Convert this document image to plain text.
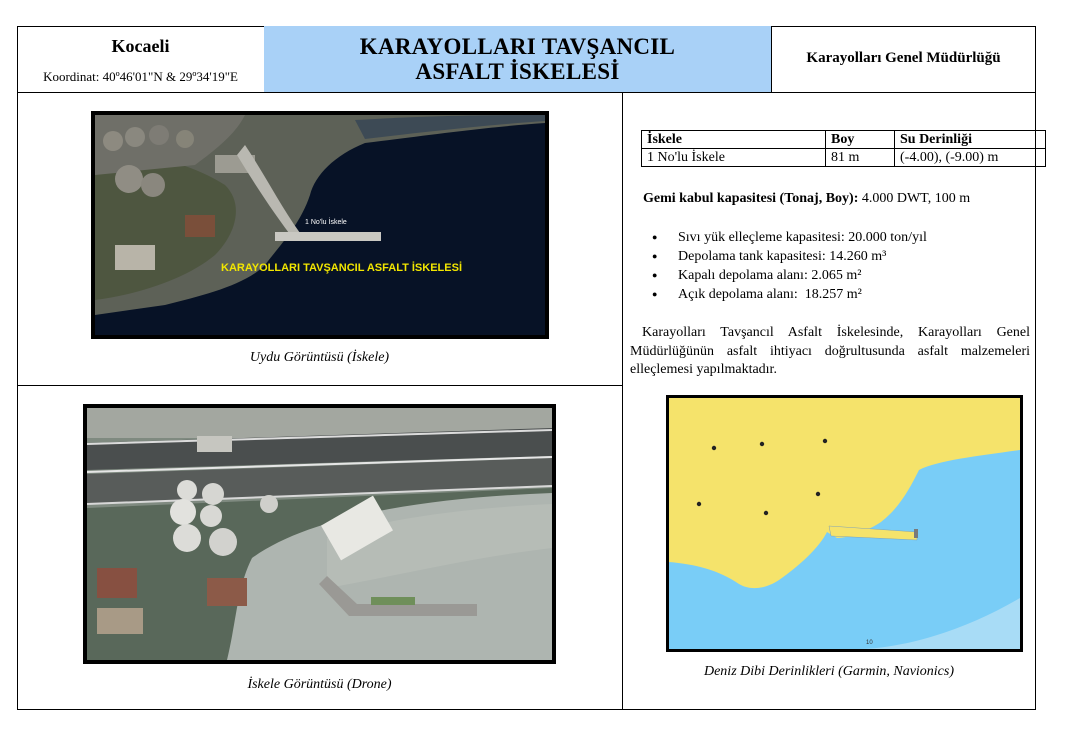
Kocaeli
Koordinat: 40º46'01"N & 29º34'19"E
KARAYOLLARI TAVŞANCIL
ASFALT İSKELESİ
Karayolları Genel Müdürlüğü
1 No'lu İskele
KARAYOLLARI TAVŞANCIL ASFALT İSKELESİ
Uydu Görüntüsü (İskele)
İskele Görüntüsü (Drone)
İskele	Boy	Su Derinliği
1 No'lu İskele	81 m	(-4.00), (-9.00) m
Gemi kabul kapasitesi (Tonaj, Boy): 4.000 DWT, 100 m
● Sıvı yük elleçleme kapasitesi: 20.000 ton/yıl
● Depolama tank kapasitesi: 14.260 m³
● Kapalı depolama alanı: 2.065 m²
● Açık depolama alanı:  18.257 m²
Karayolları Tavşancıl Asfalt İskelesinde, Karayolları Genel Müdürlüğünün asfalt ihtiyacı doğrultusunda asfalt malzemeleri elleçlemesi yapılmaktadır.
10
Deniz Dibi Derinlikleri (Garmin, Navionics)
